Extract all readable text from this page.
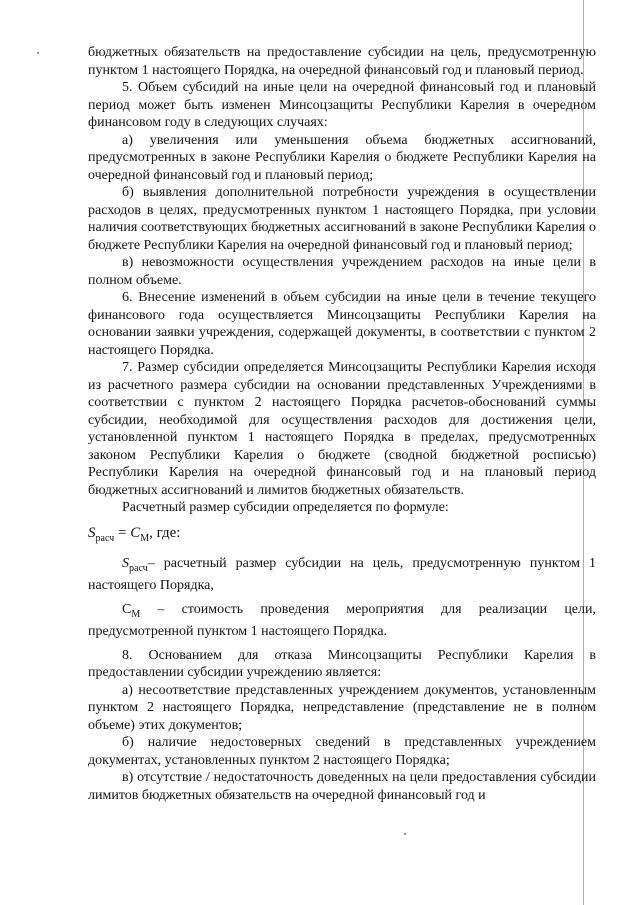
бюджетных обязательств на предоставление субсидии на цель, предусмотренную пунктом 1 настоящего Порядка, на очередной финансовый год и плановый период.

5. Объем субсидий на иные цели на очередной финансовый год и плановый период может быть изменен Минсоцзащиты Республики Карелия в очередном финансовом году в следующих случаях:

а) увеличения или уменьшения объема бюджетных ассигнований, предусмотренных в законе Республики Карелия о бюджете Республики Карелия на очередной финансовый год и плановый период;

б) выявления дополнительной потребности учреждения в осуществлении расходов в целях, предусмотренных пунктом 1 настоящего Порядка, при условии наличия соответствующих бюджетных ассигнований в законе Республики Карелия о бюджете Республики Карелия на очередной финансовый год и плановый период;

в) невозможности осуществления учреждением расходов на иные цели в полном объеме.

6. Внесение изменений в объем субсидии на иные цели в течение текущего финансового года осуществляется Минсоцзащиты Республики Карелия на основании заявки учреждения, содержащей документы, в соответствии с пунктом 2 настоящего Порядка.

7. Размер субсидии определяется Минсоцзащиты Республики Карелия исходя из расчетного размера субсидии на основании представленных Учреждениями в соответствии с пунктом 2 настоящего Порядка расчетов-обоснований суммы субсидии, необходимой для осуществления расходов для достижения цели, установленной пунктом 1 настоящего Порядка в пределах, предусмотренных законом Республики Карелия о бюджете (сводной бюджетной росписью) Республики Карелия на очередной финансовый год и на плановый период бюджетных ассигнований и лимитов бюджетных обязательств.

Расчетный размер субсидии определяется по формуле:

$S_{расч} = С_М$, где:

$S_{расч}-$ расчетный размер субсидии на цель, предусмотренную пунктом 1 настоящего Порядка,

$С_М$ – стоимость проведения мероприятия для реализации цели, предусмотренной пунктом 1 настоящего Порядка.

8. Основанием для отказа Минсоцзащиты Республики Карелия в предоставлении субсидии учреждению является:

а) несоответствие представленных учреждением документов, установленным пунктом 2 настоящего Порядка, непредставление (представление не в полном объеме) этих документов;

б) наличие недостоверных сведений в представленных учреждением документах, установленных пунктом 2 настоящего Порядка;

в) отсутствие / недостаточность доведенных на цели предоставления субсидии лимитов бюджетных обязательств на очередной финансовый год и
